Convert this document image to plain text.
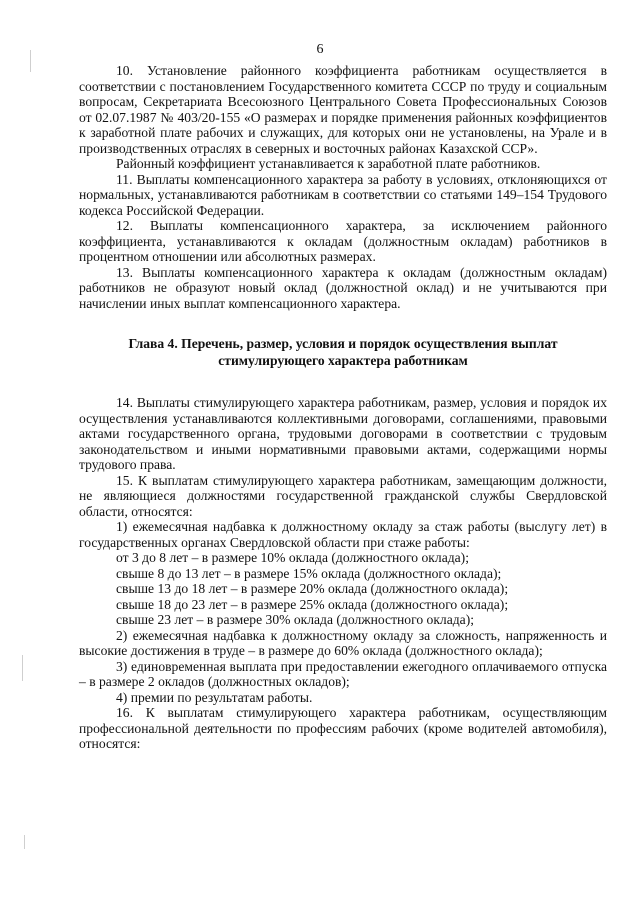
6

10. Установление районного коэффициента работникам осуществляется в соответствии с постановлением Государственного комитета СССР по труду и социальным вопросам, Секретариата Всесоюзного Центрального Совета Профессиональных Союзов от 02.07.1987 № 403/20-155 «О размерах и порядке применения районных коэффициентов к заработной плате рабочих и служащих, для которых они не установлены, на Урале и в производственных отраслях в северных и восточных районах Казахской ССР».

Районный коэффициент устанавливается к заработной плате работников.

11. Выплаты компенсационного характера за работу в условиях, отклоняющихся от нормальных, устанавливаются работникам в соответствии со статьями 149–154 Трудового кодекса Российской Федерации.

12. Выплаты компенсационного характера, за исключением районного коэффициента, устанавливаются к окладам (должностным окладам) работников в процентном отношении или абсолютных размерах.

13. Выплаты компенсационного характера к окладам (должностным окладам) работников не образуют новый оклад (должностной оклад) и не учитываются при начислении иных выплат компенсационного характера.

Глава 4. Перечень, размер, условия и порядок осуществления выплат стимулирующего характера работникам

14. Выплаты стимулирующего характера работникам, размер, условия и порядок их осуществления устанавливаются коллективными договорами, соглашениями, правовыми актами государственного органа, трудовыми договорами в соответствии с трудовым законодательством и иными нормативными правовыми актами, содержащими нормы трудового права.

15. К выплатам стимулирующего характера работникам, замещающим должности, не являющиеся должностями государственной гражданской службы Свердловской области, относятся:

1) ежемесячная надбавка к должностному окладу за стаж работы (выслугу лет) в государственных органах Свердловской области при стаже работы:

от 3 до 8 лет – в размере 10% оклада (должностного оклада);

свыше 8 до 13 лет – в размере 15% оклада (должностного оклада);

свыше 13 до 18 лет – в размере 20% оклада (должностного оклада);

свыше 18 до 23 лет – в размере 25% оклада (должностного оклада);

свыше 23 лет – в размере 30% оклада (должностного оклада);

2) ежемесячная надбавка к должностному окладу за сложность, напряженность и высокие достижения в труде – в размере до 60% оклада (должностного оклада);

3) единовременная выплата при предоставлении ежегодного оплачиваемого отпуска – в размере 2 окладов (должностных окладов);

4) премии по результатам работы.

16. К выплатам стимулирующего характера работникам, осуществляющим профессиональной деятельности по профессиям рабочих (кроме водителей автомобиля), относятся:
